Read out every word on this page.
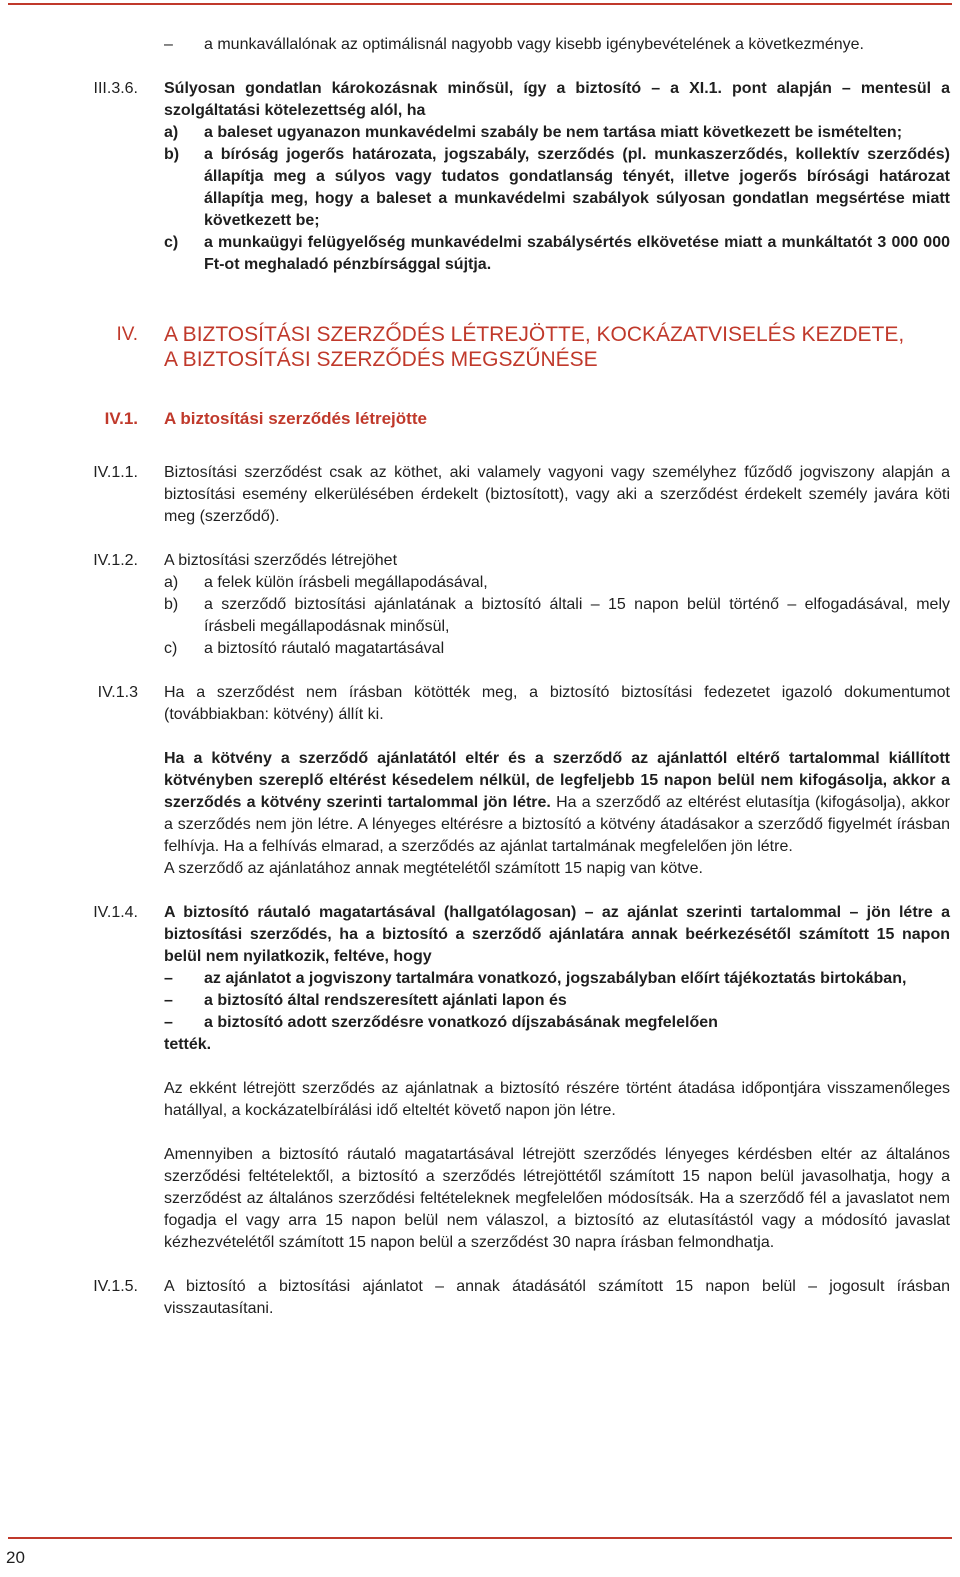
–	a munkavállalónak az optimálisnál nagyobb vagy kisebb igénybevételének a következménye.
III.3.6.	Súlyosan gondatlan károkozásnak minősül, így a biztosító – a XI.1. pont alapján – mentesül a szolgáltatási kötelezettség alól, ha
a)	a baleset ugyanazon munkavédelmi szabály be nem tartása miatt következett be ismételten;
b)	a bíróság jogerős határozata, jogszabály, szerződés (pl. munkaszerződés, kollektív szerződés) állapítja meg a súlyos vagy tudatos gondatlanság tényét, illetve jogerős bírósági határozat állapítja meg, hogy a baleset a munkavédelmi szabályok súlyosan gondatlan megsértése miatt következett be;
c)	a munkaügyi felügyelőség munkavédelmi szabálysértés elkövetése miatt a munkáltatót 3 000 000 Ft-ot meghaladó pénzbírsággal sújtja.
IV.	A BIZTOSÍTÁSI SZERZŐDÉS LÉTREJÖTTE, KOCKÁZATVISELÉS KEZDETE,
A BIZTOSÍTÁSI SZERZŐDÉS MEGSZŰNÉSE
IV.1.	A biztosítási szerződés létrejötte
IV.1.1.	Biztosítási szerződést csak az köthet, aki valamely vagyoni vagy személyhez fűződő jogviszony alapján a biztosítási esemény elkerülésében érdekelt (biztosított), vagy aki a szerződést érdekelt személy javára köti meg (szerződő).
IV.1.2.	A biztosítási szerződés létrejöhet
a)	a felek külön írásbeli megállapodásával,
b)	a szerződő biztosítási ajánlatának a biztosító általi – 15 napon belül történő – elfogadásával, mely írásbeli megállapodásnak minősül,
c)	a biztosító ráutaló magatartásával
IV.1.3	Ha a szerződést nem írásban kötötték meg, a biztosító biztosítási fedezetet igazoló dokumentumot (továbbiakban: kötvény) állít ki.
Ha a kötvény a szerződő ajánlatától eltér és a szerződő az ajánlattól eltérő tartalommal kiállított kötvényben szereplő eltérést késedelem nélkül, de legfeljebb 15 napon belül nem kifogásolja, akkor a szerződés a kötvény szerinti tartalommal jön létre. Ha a szerződő az eltérést elutasítja (kifogásolja), akkor a szerződés nem jön létre. A lényeges eltérésre a biztosító a kötvény átadásakor a szerződő figyelmét írásban felhívja. Ha a felhívás elmarad, a szerződés az ajánlat tartalmának megfelelően jön létre.
A szerződő az ajánlatához annak megtételétől számított 15 napig van kötve.
IV.1.4.	A biztosító ráutaló magatartásával (hallgatólagosan) – az ajánlat szerinti tartalommal – jön létre a biztosítási szerződés, ha a biztosító a szerződő ajánlatára annak beérkezésétől számított 15 napon belül nem nyilatkozik, feltéve, hogy
–	az ajánlatot a jogviszony tartalmára vonatkozó, jogszabályban előírt tájékoztatás birtokában,
–	a biztosító által rendszeresített ajánlati lapon és
–	a biztosító adott szerződésre vonatkozó díjszabásának megfelelően
tették.
Az ekként létrejött szerződés az ajánlatnak a biztosító részére történt átadása időpontjára visszamenőleges hatállyal, a kockázatelbírálási idő elteltét követő napon jön létre.
Amennyiben a biztosító ráutaló magatartásával létrejött szerződés lényeges kérdésben eltér az általános szerződési feltételektől, a biztosító a szerződés létrejöttétől számított 15 napon belül javasolhatja, hogy a szerződést az általános szerződési feltételeknek megfelelően módosítsák. Ha a szerződő fél a javaslatot nem fogadja el vagy arra 15 napon belül nem válaszol, a biztosító az elutasítástól vagy a módosító javaslat kézhezvételétől számított 15 napon belül a szerződést 30 napra írásban felmondhatja.
IV.1.5.	A biztosító a biztosítási ajánlatot – annak átadásától számított 15 napon belül – jogosult írásban visszautasítani.
20
